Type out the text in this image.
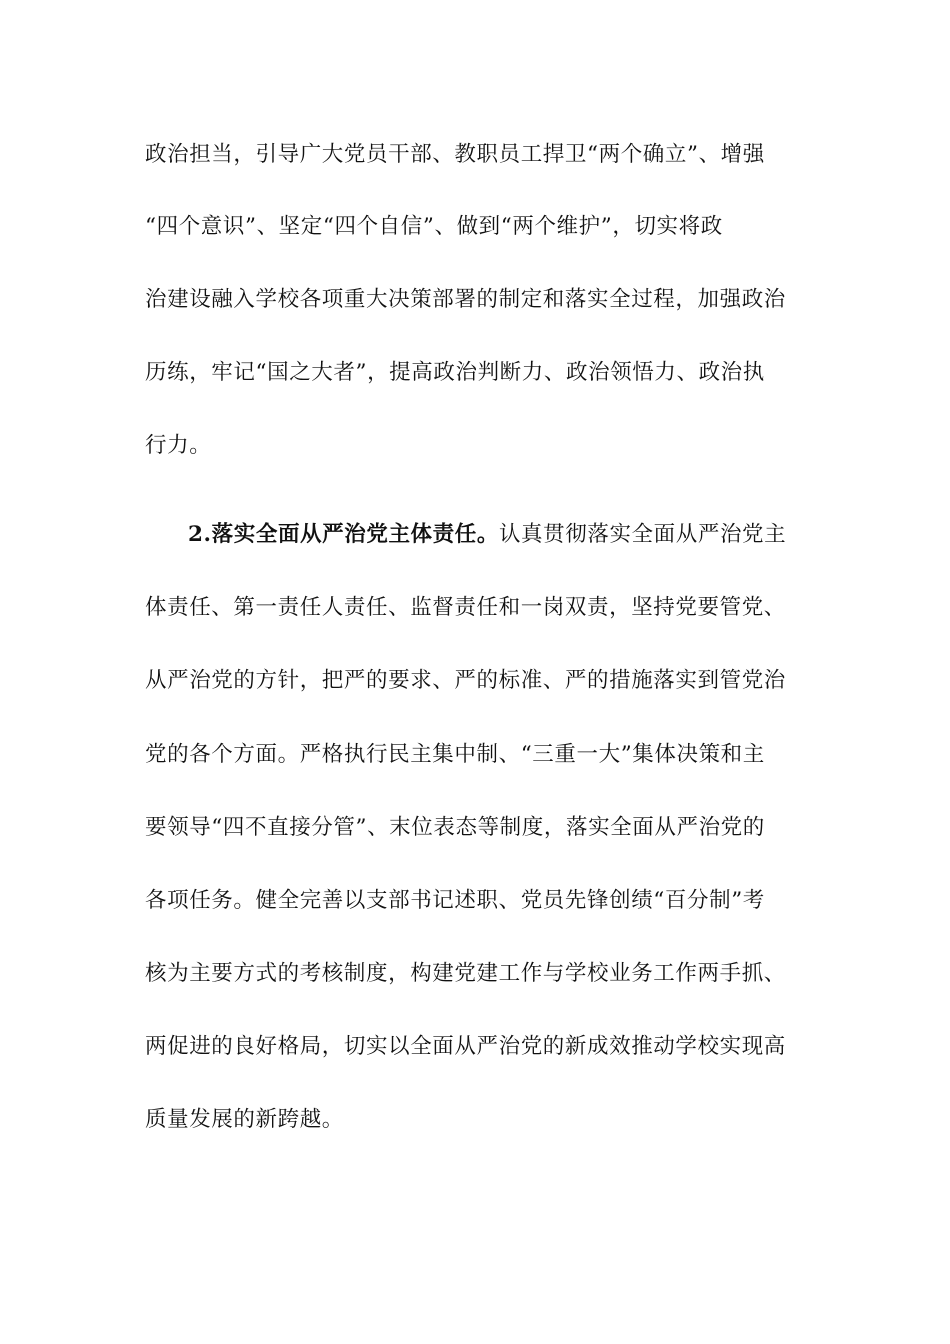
政治担当，引导广大党员干部、教职员工捍卫“两个确立”、增强
“四个意识”、坚定“四个自信”、做到“两个维护”，切实将政
治建设融入学校各项重大决策部署的制定和落实全过程，加强政治
历练，牢记“国之大者”，提高政治判断力、政治领悟力、政治执
行力。
2.落实全面从严治党主体责任。认真贯彻落实全面从严治党主
体责任、第一责任人责任、监督责任和一岗双责，坚持党要管党、
从严治党的方针，把严的要求、严的标准、严的措施落实到管党治
党的各个方面。严格执行民主集中制、“三重一大”集体决策和主
要领导“四不直接分管”、末位表态等制度，落实全面从严治党的
各项任务。健全完善以支部书记述职、党员先锋创绩“百分制”考
核为主要方式的考核制度，构建党建工作与学校业务工作两手抓、
两促进的良好格局，切实以全面从严治党的新成效推动学校实现高
质量发展的新跨越。
